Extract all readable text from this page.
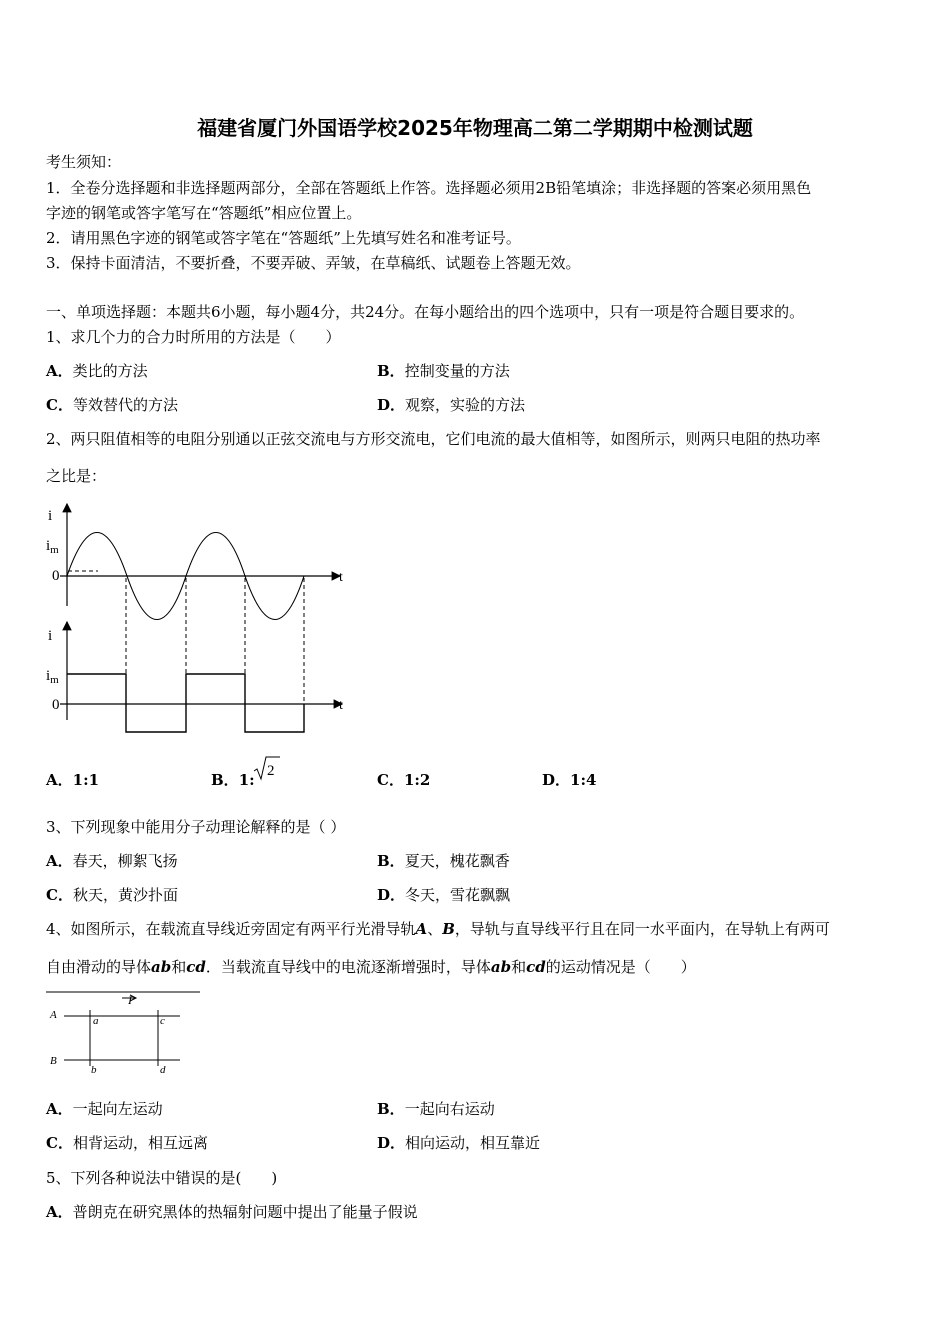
福建省厦门外国语学校2025年物理高二第二学期期中检测试题
考生须知：
1．全卷分选择题和非选择题两部分，全部在答题纸上作答。选择题必须用2B铅笔填涂；非选择题的答案必须用黑色
字迹的钢笔或答字笔写在“答题纸”相应位置上。
2．请用黑色字迹的钢笔或答字笔在“答题纸”上先填写姓名和准考证号。
3．保持卡面清洁，不要折叠，不要弄破、弄皱，在草稿纸、试题卷上答题无效。
一、单项选择题：本题共6小题，每小题4分，共24分。在每小题给出的四个选项中，只有一项是符合题目要求的。
1、求几个力的合力时所用的方法是（　　）
A．类比的方法	B．控制变量的方法
C．等效替代的方法	D．观察，实验的方法
2、两只阻值相等的电阻分别通以正弦交流电与方形交流电，它们电流的最大值相等，如图所示，则两只电阻的热功率
之比是：
i
$i_m$
0	t
i
$i_m$
0	t
A．1:1	B．1: 2	C．1:2	D．1:4
3、下列现象中能用分子动理论解释的是（ ）
A．春天，柳絮飞扬	B．夏天，槐花飘香
C．秋天，黄沙扑面	D．冬天，雪花飘飘
4、如图所示，在载流直导线近旁固定有两平行光滑导轨A、B，导轨与直导线平行且在同一水平面内，在导轨上有两可
自由滑动的导体ab和cd．当载流直导线中的电流逐渐增强时，导体ab和cd的运动情况是（　　）
I
A
B
a
b
c
d
A．一起向左运动	B．一起向右运动
C．相背运动，相互远离	D．相向运动，相互靠近
5、下列各种说法中错误的是(　　)
A．普朗克在研究黑体的热辐射问题中提出了能量子假说
